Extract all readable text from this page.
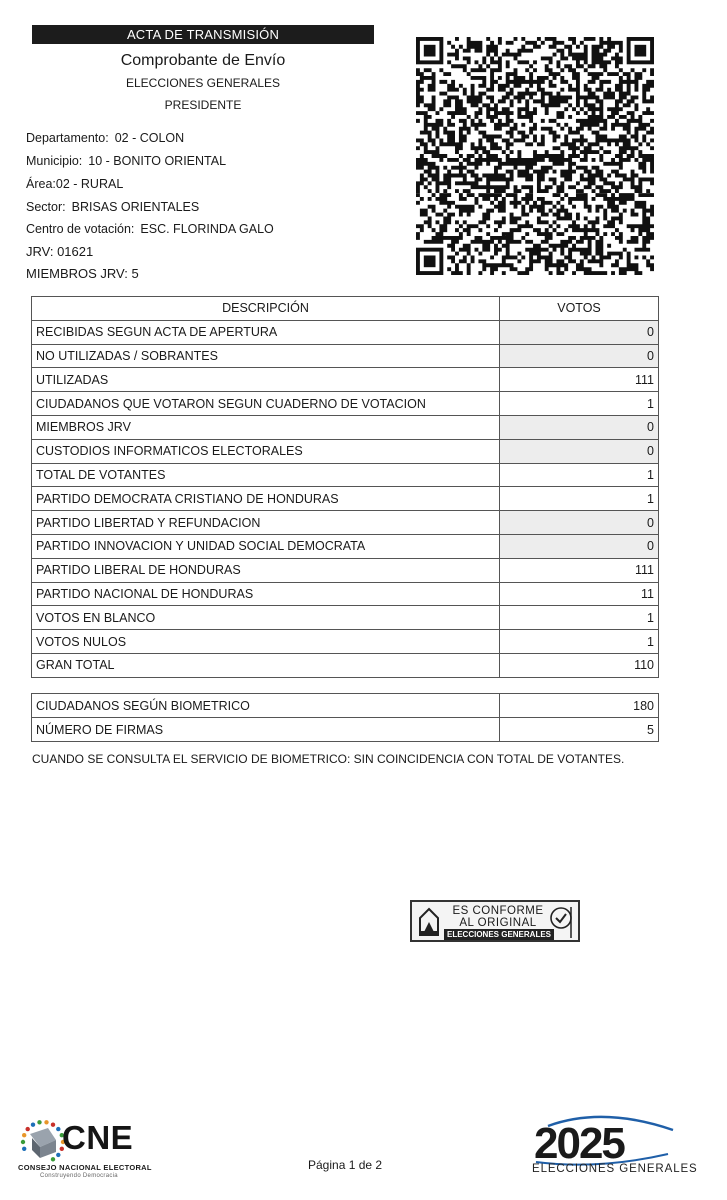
ACTA DE TRANSMISIÓN
Comprobante de Envío
ELECCIONES GENERALES
PRESIDENTE
Departamento: 02 - COLON
Municipio: 10 - BONITO ORIENTAL
Área:02 - RURAL
Sector: BRISAS ORIENTALES
Centro de votación: ESC. FLORINDA GALO
JRV: 01621
MIEMBROS JRV: 5
DESCRIPCIÓN	VOTOS
RECIBIDAS SEGUN ACTA DE APERTURA	0
NO UTILIZADAS / SOBRANTES	0
UTILIZADAS	111
CIUDADANOS QUE VOTARON SEGUN CUADERNO DE VOTACION	1
MIEMBROS JRV	0
CUSTODIOS INFORMATICOS ELECTORALES	0
TOTAL DE VOTANTES	1
PARTIDO DEMOCRATA CRISTIANO DE HONDURAS	1
PARTIDO LIBERTAD Y REFUNDACION	0
PARTIDO INNOVACION Y UNIDAD SOCIAL DEMOCRATA	0
PARTIDO LIBERAL DE HONDURAS	111
PARTIDO NACIONAL DE HONDURAS	11
VOTOS EN BLANCO	1
VOTOS NULOS	1
GRAN TOTAL	110
CIUDADANOS SEGÚN BIOMETRICO	180
NÚMERO DE FIRMAS	5
CUANDO SE CONSULTA EL SERVICIO DE BIOMETRICO: SIN COINCIDENCIA CON TOTAL DE VOTANTES.
ES CONFORME
AL ORIGINAL
ELECCIONES GENERALES 2025
CNE
CONSEJO NACIONAL ELECTORAL
Construyendo Democracia
Página 1 de 2	2025
ELECCIONES GENERALES
